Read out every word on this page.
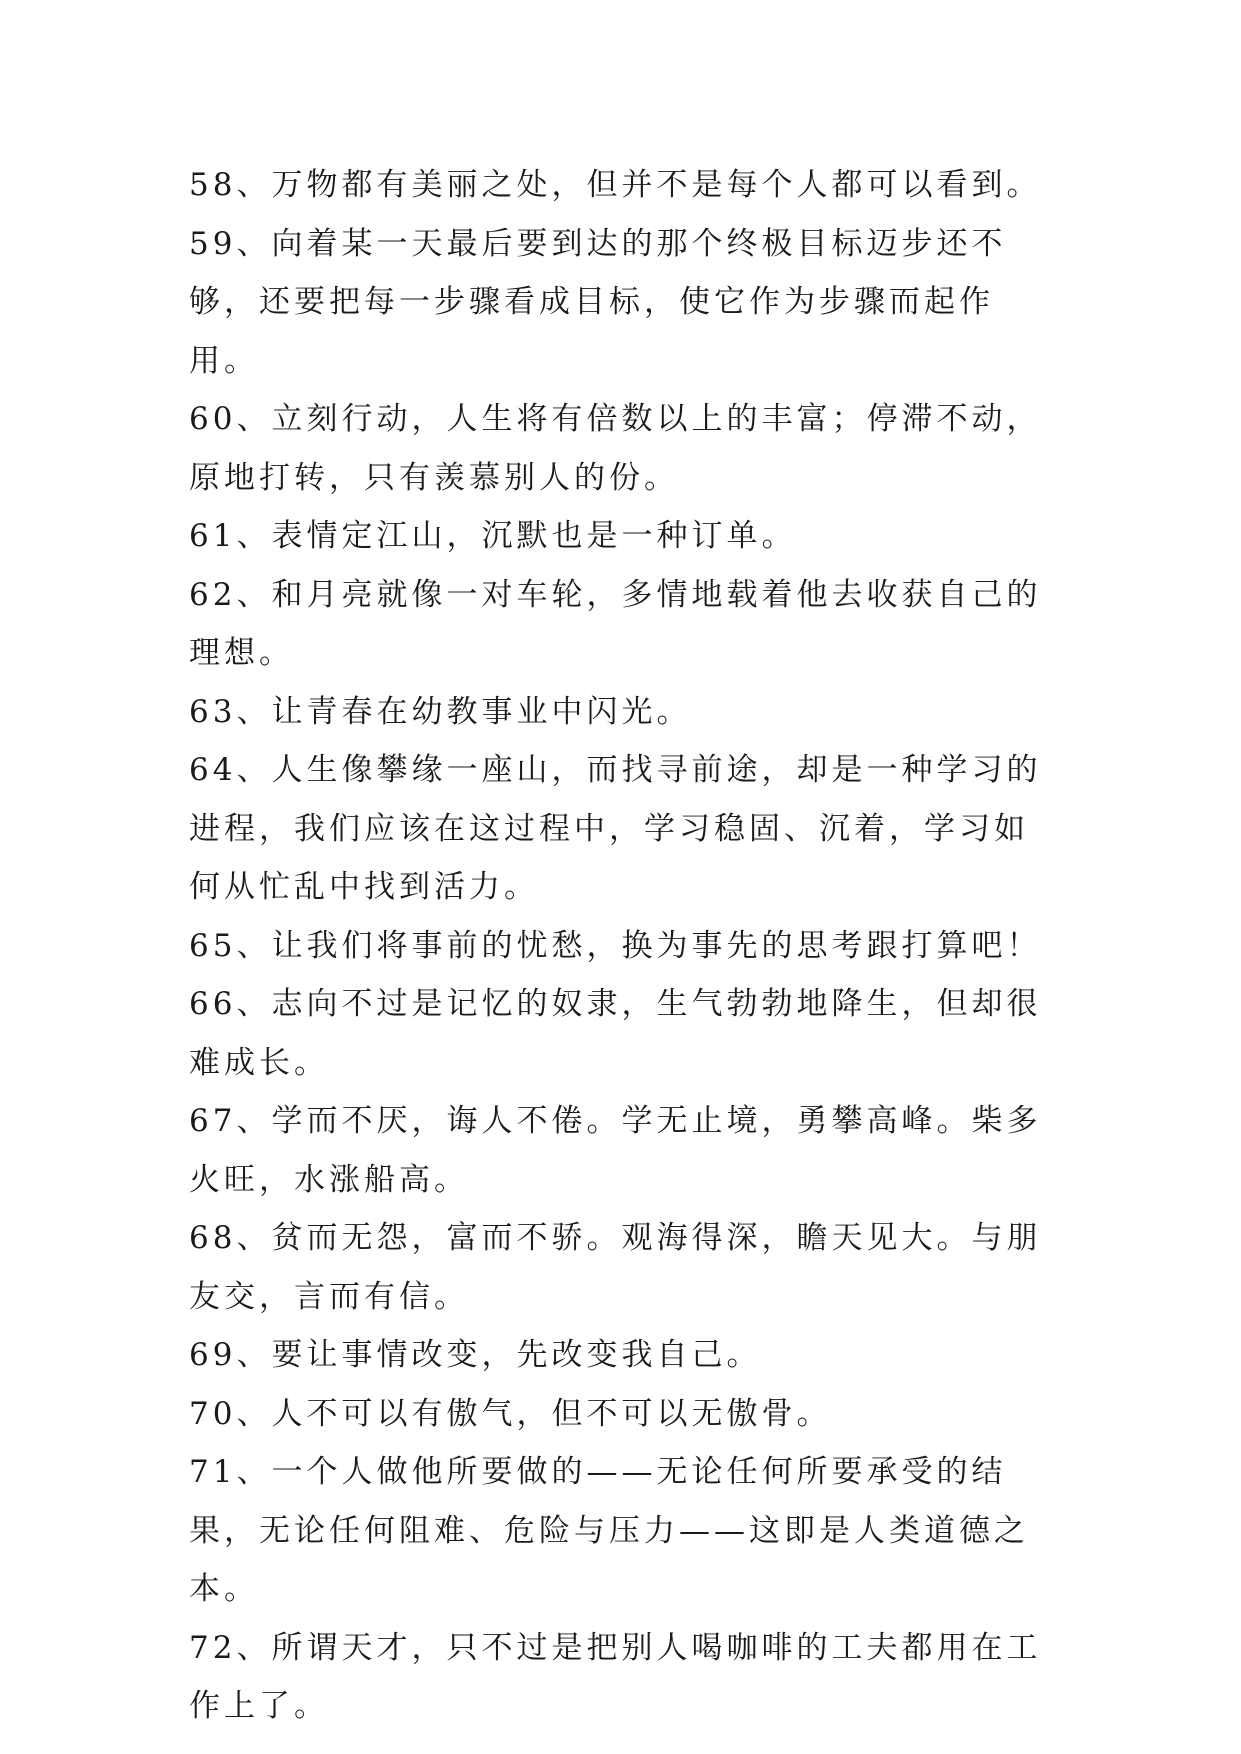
58、万物都有美丽之处，但并不是每个人都可以看到。

59、向着某一天最后要到达的那个终极目标迈步还不够，还要把每一步骤看成目标，使它作为步骤而起作用。

60、立刻行动，人生将有倍数以上的丰富；停滞不动，原地打转，只有羡慕别人的份。

61、表情定江山，沉默也是一种订单。

62、和月亮就像一对车轮，多情地载着他去收获自己的理想。

63、让青春在幼教事业中闪光。

64、人生像攀缘一座山，而找寻前途，却是一种学习的进程，我们应该在这过程中，学习稳固、沉着，学习如何从忙乱中找到活力。

65、让我们将事前的忧愁，换为事先的思考跟打算吧！

66、志向不过是记忆的奴隶，生气勃勃地降生，但却很难成长。

67、学而不厌，诲人不倦。学无止境，勇攀高峰。柴多火旺，水涨船高。

68、贫而无怨，富而不骄。观海得深，瞻天见大。与朋友交，言而有信。

69、要让事情改变，先改变我自己。

70、人不可以有傲气，但不可以无傲骨。

71、一个人做他所要做的——无论任何所要承受的结果，无论任何阻难、危险与压力——这即是人类道德之本。

72、所谓天才，只不过是把别人喝咖啡的工夫都用在工作上了。
